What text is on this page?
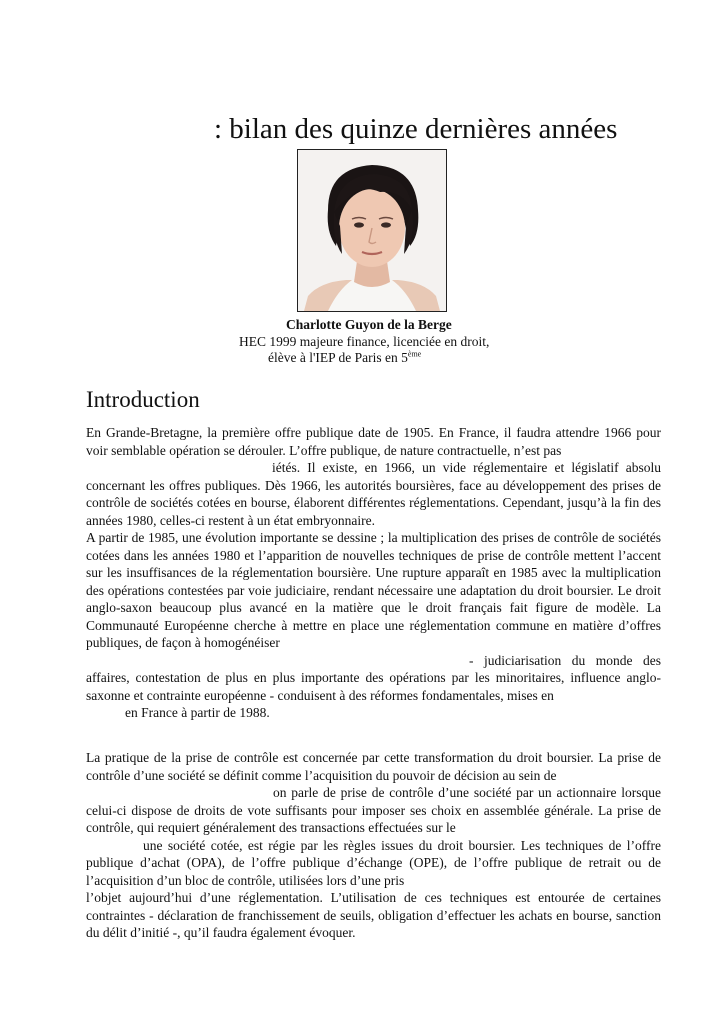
: bilan des quinze dernières années
Charlotte Guyon de la Berge
HEC 1999 majeure finance, licenciée en droit,
élève à l'IEP de Paris en 5ème
Introduction

En Grande-Bretagne, la première offre publique date de 1905. En France, il faudra attendre 1966 pour voir semblable opération se dérouler. L’offre publique, de nature contractuelle, n’est pas
iétés. Il existe, en 1966, un vide réglementaire et législatif absolu concernant les offres publiques. Dès 1966, les autorités boursières, face au développement des prises de contrôle de sociétés cotées en bourse, élaborent différentes réglementations. Cependant, jusqu’à la fin des années 1980, celles-ci restent à un état embryonnaire.

A partir de 1985, une évolution importante se dessine ; la multiplication des prises de contrôle de sociétés cotées dans les années 1980 et l’apparition de nouvelles techniques de prise de contrôle mettent l’accent sur les insuffisances de la réglementation boursière. Une rupture apparaît en 1985 avec la multiplication des opérations contestées par voie judiciaire, rendant nécessaire une adaptation du droit boursier. Le droit anglo-saxon beaucoup plus avancé en la matière que le droit français fait figure de modèle. La Communauté Européenne cherche à mettre en place une réglementation commune en matière d’offres publiques, de façon à homogénéiser
- judiciarisation du monde des affaires, contestation de plus en plus importante des opérations par les minoritaires, influence anglo-saxonne et contrainte européenne - conduisent à des réformes fondamentales, mises en
en France à partir de 1988.

La pratique de la prise de contrôle est concernée par cette transformation du droit boursier. La prise de contrôle d’une société se définit comme l’acquisition du pouvoir de décision au sein de
on parle de prise de contrôle d’une société par un actionnaire lorsque celui-ci dispose de droits de vote suffisants pour imposer ses choix en assemblée générale. La prise de contrôle, qui requiert généralement des transactions effectuées sur le
une société cotée, est régie par les règles issues du droit boursier. Les techniques de l’offre publique d’achat (OPA), de l’offre publique d’échange (OPE), de l’offre publique de retrait ou de l’acquisition d’un bloc de contrôle, utilisées lors d’une pris
l’objet aujourd’hui d’une réglementation. L’utilisation de ces techniques est entourée de certaines contraintes - déclaration de franchissement de seuils, obligation d’effectuer les achats en bourse, sanction du délit d’initié -, qu’il faudra également évoquer.
